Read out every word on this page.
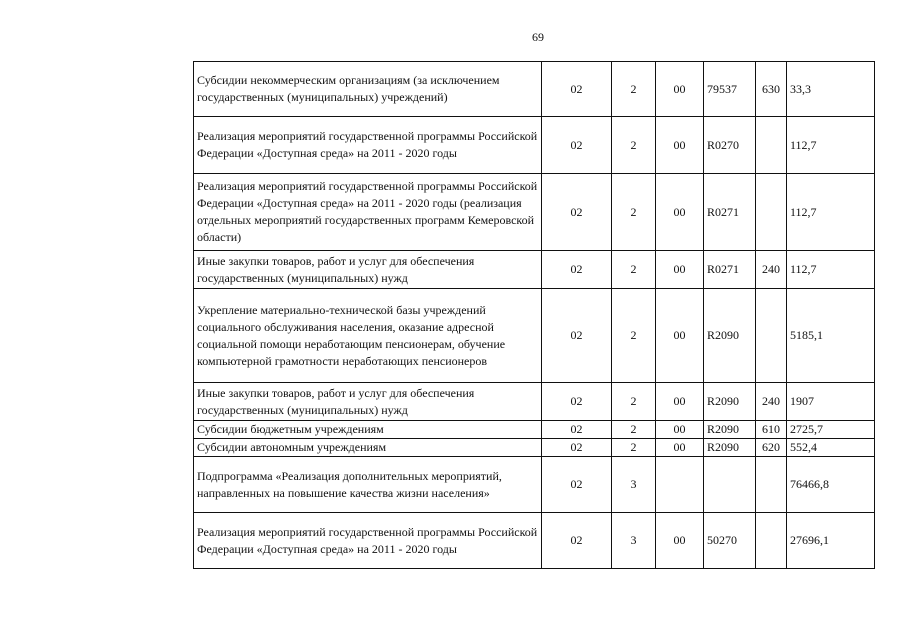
69
Субсидии некоммерческим организациям (за исключением государственных (муниципальных) учреждений)	02	2	00	79537	630	33,3
Реализация мероприятий государственной программы Российской Федерации «Доступная среда» на 2011 - 2020 годы	02	2	00	R0270		112,7
Реализация мероприятий государственной программы Российской Федерации «Доступная среда» на 2011 - 2020 годы (реализация отдельных мероприятий государственных программ Кемеровской области)	02	2	00	R0271		112,7
Иные закупки товаров, работ и услуг для обеспечения государственных (муниципальных) нужд	02	2	00	R0271	240	112,7
Укрепление материально-технической базы учреждений социального обслуживания населения, оказание адресной социальной помощи неработающим пенсионерам, обучение компьютерной грамотности неработающих пенсионеров	02	2	00	R2090		5185,1
Иные закупки товаров, работ и услуг для обеспечения государственных (муниципальных) нужд	02	2	00	R2090	240	1907
Субсидии бюджетным учреждениям	02	2	00	R2090	610	2725,7
Субсидии автономным учреждениям	02	2	00	R2090	620	552,4
Подпрограмма «Реализация дополнительных мероприятий, направленных на повышение качества жизни населения»	02	3				76466,8
Реализация мероприятий государственной программы Российской Федерации «Доступная среда» на 2011 - 2020 годы	02	3	00	50270		27696,1
